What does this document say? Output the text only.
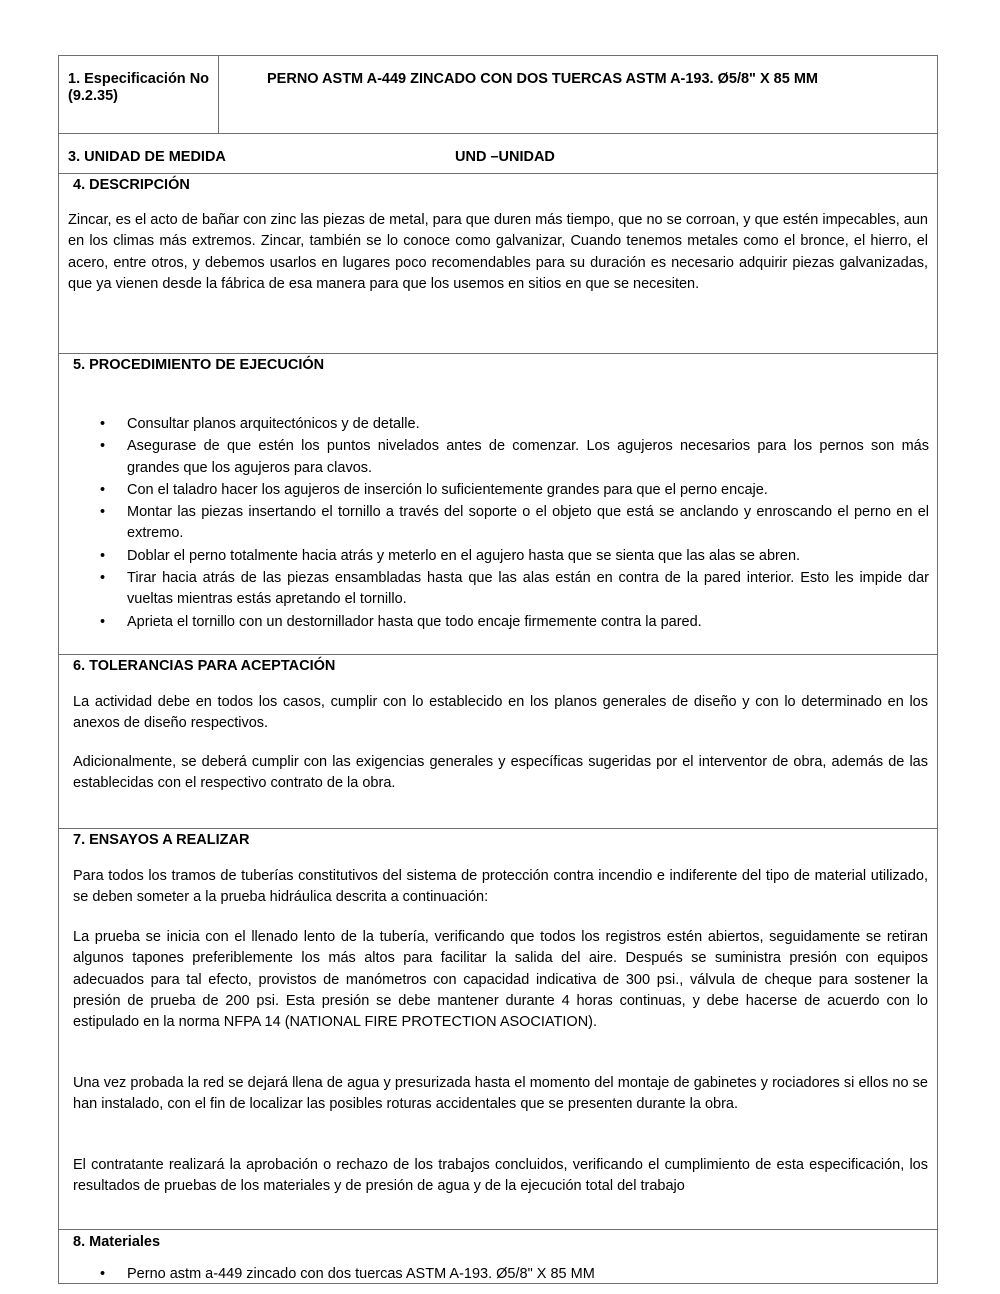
1. Especificación No (9.2.35)
PERNO ASTM A-449 ZINCADO CON DOS TUERCAS ASTM A-193. Ø5/8" X 85 MM
3. UNIDAD DE MEDIDA	UND –UNIDAD
4. DESCRIPCIÓN

Zincar, es el acto de bañar con zinc las piezas de metal, para que duren más tiempo, que no se corroan, y que estén impecables, aun en los climas más extremos. Zincar, también se lo conoce como galvanizar, Cuando tenemos metales como el bronce, el hierro, el acero, entre otros, y debemos usarlos en lugares poco recomendables para su duración es necesario adquirir piezas galvanizadas, que ya vienen desde la fábrica de esa manera para que los usemos en sitios en que se necesiten.

5. PROCEDIMIENTO DE EJECUCIÓN
• Consultar planos arquitectónicos y de detalle.
• Asegurase de que estén los puntos nivelados antes de comenzar. Los agujeros necesarios para los pernos son más grandes que los agujeros para clavos.
• Con el taladro hacer los agujeros de inserción lo suficientemente grandes para que el perno encaje.
• Montar las piezas insertando el tornillo a través del soporte o el objeto que está se anclando y enroscando el perno en el extremo.
• Doblar el perno totalmente hacia atrás y meterlo en el agujero hasta que se sienta que las alas se abren.
• Tirar hacia atrás de las piezas ensambladas hasta que las alas están en contra de la pared interior. Esto les impide dar vueltas mientras estás apretando el tornillo.
• Aprieta el tornillo con un destornillador hasta que todo encaje firmemente contra la pared.
6. TOLERANCIAS PARA ACEPTACIÓN

La actividad debe en todos los casos, cumplir con lo establecido en los planos generales de diseño y con lo determinado en los anexos de diseño respectivos.

Adicionalmente, se deberá cumplir con las exigencias generales y específicas sugeridas por el interventor de obra, además de las establecidas con el respectivo contrato de la obra.

7. ENSAYOS A REALIZAR

Para todos los tramos de tuberías constitutivos del sistema de protección contra incendio e indiferente del tipo de material utilizado, se deben someter a la prueba hidráulica descrita a continuación:

La prueba se inicia con el llenado lento de la tubería, verificando que todos los registros estén abiertos, seguidamente se retiran algunos tapones preferiblemente los más altos para facilitar la salida del aire. Después se suministra presión con equipos adecuados para tal efecto, provistos de manómetros con capacidad indicativa de 300 psi., válvula de cheque para sostener la presión de prueba de 200 psi. Esta presión se debe mantener durante 4 horas continuas, y debe hacerse de acuerdo con lo estipulado en la norma NFPA 14 (NATIONAL FIRE PROTECTION ASOCIATION).

Una vez probada la red se dejará llena de agua y presurizada hasta el momento del montaje de gabinetes y rociadores si ellos no se han instalado, con el fin de localizar las posibles roturas accidentales que se presenten durante la obra.

El contratante realizará la aprobación o rechazo de los trabajos concluidos, verificando el cumplimiento de esta especificación, los resultados de pruebas de los materiales y de presión de agua y de la ejecución total del trabajo

8. Materiales
• Perno astm a-449 zincado con dos tuercas ASTM A-193. Ø5/8" X 85 MM
